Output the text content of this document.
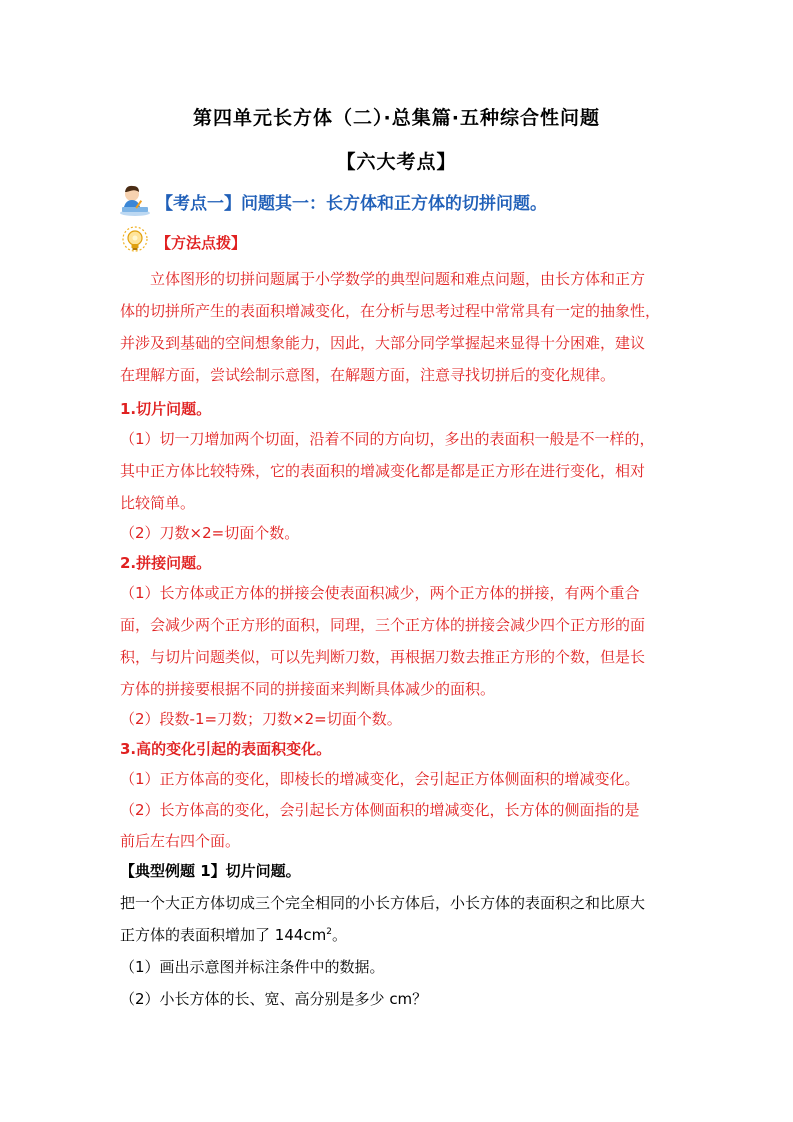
第四单元长方体（二）·总集篇·五种综合性问题
【六大考点】
【考点一】问题其一：长方体和正方体的切拼问题。
【方法点拨】
立体图形的切拼问题属于小学数学的典型问题和难点问题，由长方体和正方
体的切拼所产生的表面积增减变化，在分析与思考过程中常常具有一定的抽象性，
并涉及到基础的空间想象能力，因此，大部分同学掌握起来显得十分困难，建议
在理解方面，尝试绘制示意图，在解题方面，注意寻找切拼后的变化规律。
1.切片问题。
（1）切一刀增加两个切面，沿着不同的方向切，多出的表面积一般是不一样的，
其中正方体比较特殊，它的表面积的增减变化都是都是正方形在进行变化，相对
比较简单。
（2）刀数×2=切面个数。
2.拼接问题。
（1）长方体或正方体的拼接会使表面积减少，两个正方体的拼接，有两个重合
面，会减少两个正方形的面积，同理，三个正方体的拼接会减少四个正方形的面
积，与切片问题类似，可以先判断刀数，再根据刀数去推正方形的个数，但是长
方体的拼接要根据不同的拼接面来判断具体减少的面积。
（2）段数-1=刀数；刀数×2=切面个数。
3.高的变化引起的表面积变化。
（1）正方体高的变化，即棱长的增减变化，会引起正方体侧面积的增减变化。
（2）长方体高的变化，会引起长方体侧面积的增减变化，长方体的侧面指的是
前后左右四个面。
【典型例题 1】切片问题。
把一个大正方体切成三个完全相同的小长方体后，小长方体的表面积之和比原大
正方体的表面积增加了 $144cm^2$。
（1）画出示意图并标注条件中的数据。
（2）小长方体的长、宽、高分别是多少 cm？
